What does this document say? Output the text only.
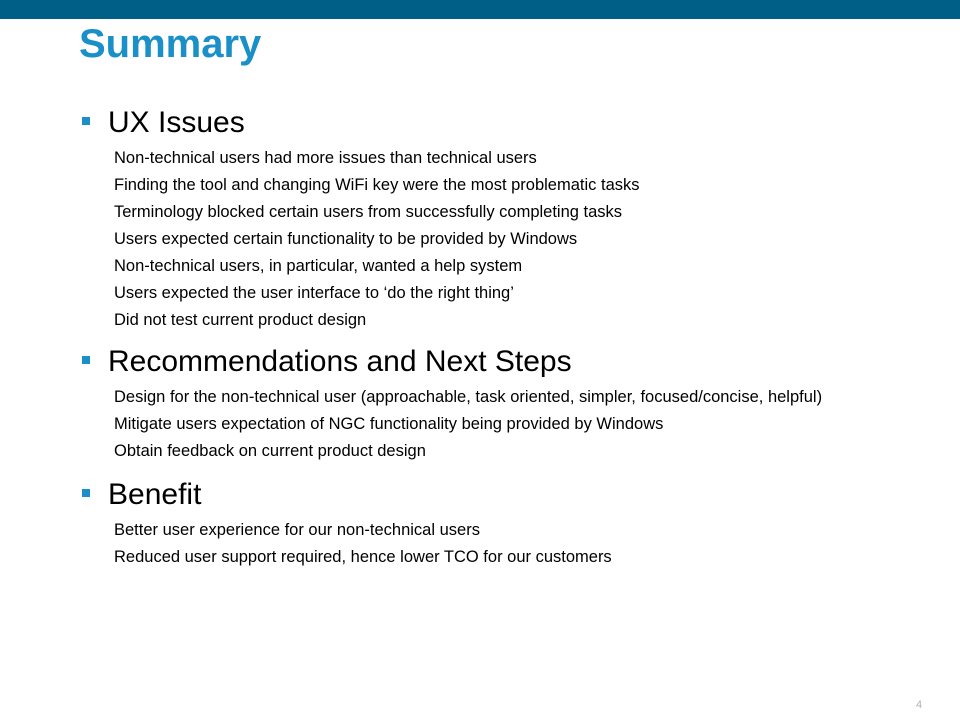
Summary
UX Issues
Non-technical users had more issues than technical users
Finding the tool and changing WiFi key were the most problematic tasks
Terminology blocked certain users from successfully completing tasks
Users expected certain functionality to be provided by Windows
Non-technical users, in particular, wanted a help system
Users expected the user interface to ‘do the right thing’
Did not test current product design
Recommendations and Next Steps
Design for the non-technical user (approachable, task oriented, simpler, focused/concise, helpful)
Mitigate users expectation of NGC functionality being provided by Windows
Obtain feedback on current product design
Benefit
Better user experience for our non-technical users
Reduced user support required, hence lower TCO for our customers
4
